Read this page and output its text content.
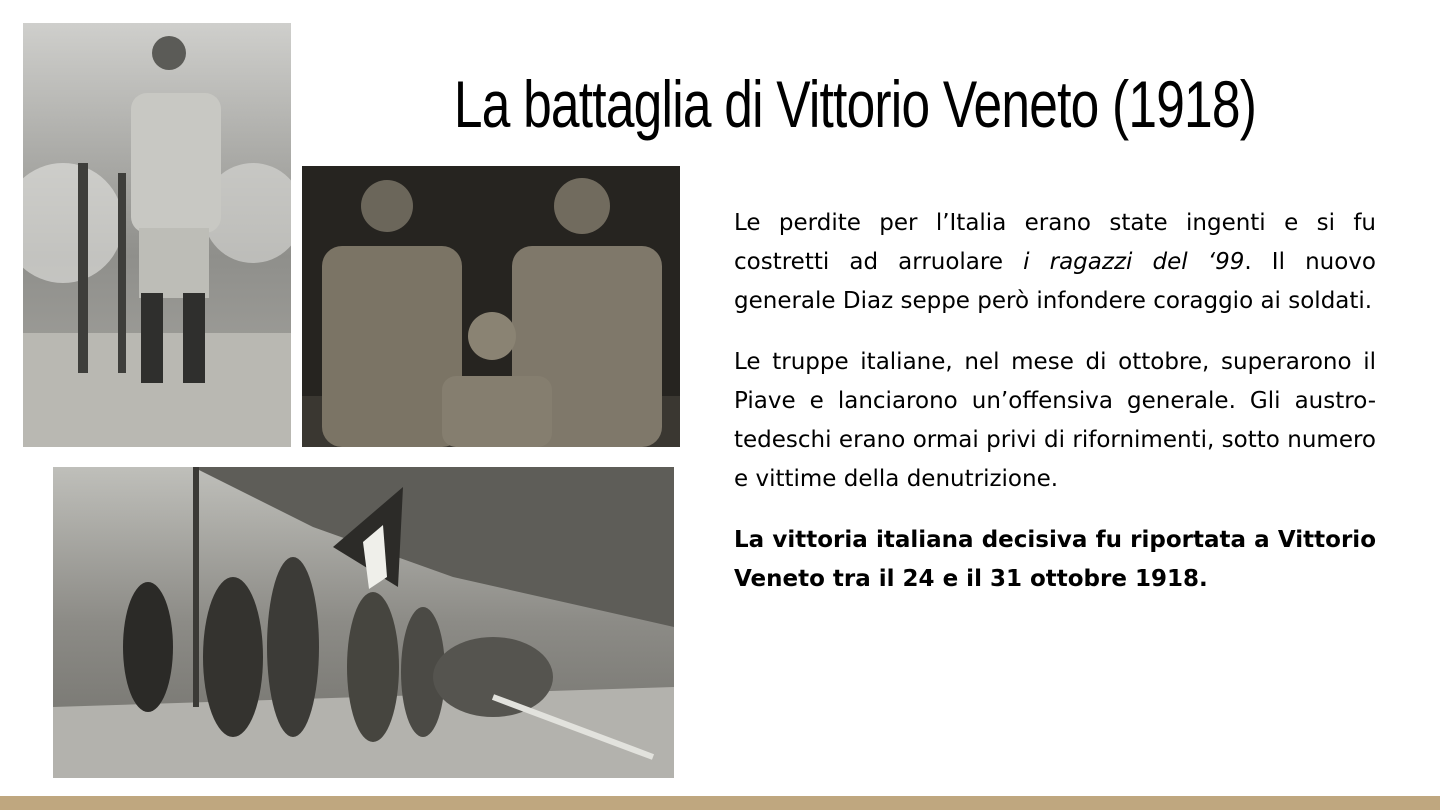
La battaglia di Vittorio Veneto (1918)

Le perdite per l’Italia erano state ingenti e si fu costretti ad arruolare i ragazzi del ‘99. Il nuovo generale Diaz seppe però infondere coraggio ai soldati.

Le truppe italiane, nel mese di ottobre, superarono il Piave e lanciarono un’offensiva generale. Gli austro-tedeschi erano ormai privi di rifornimenti, sotto numero e vittime della denutrizione.

La vittoria italiana decisiva fu riportata a Vittorio Veneto tra il 24 e il 31 ottobre 1918.
